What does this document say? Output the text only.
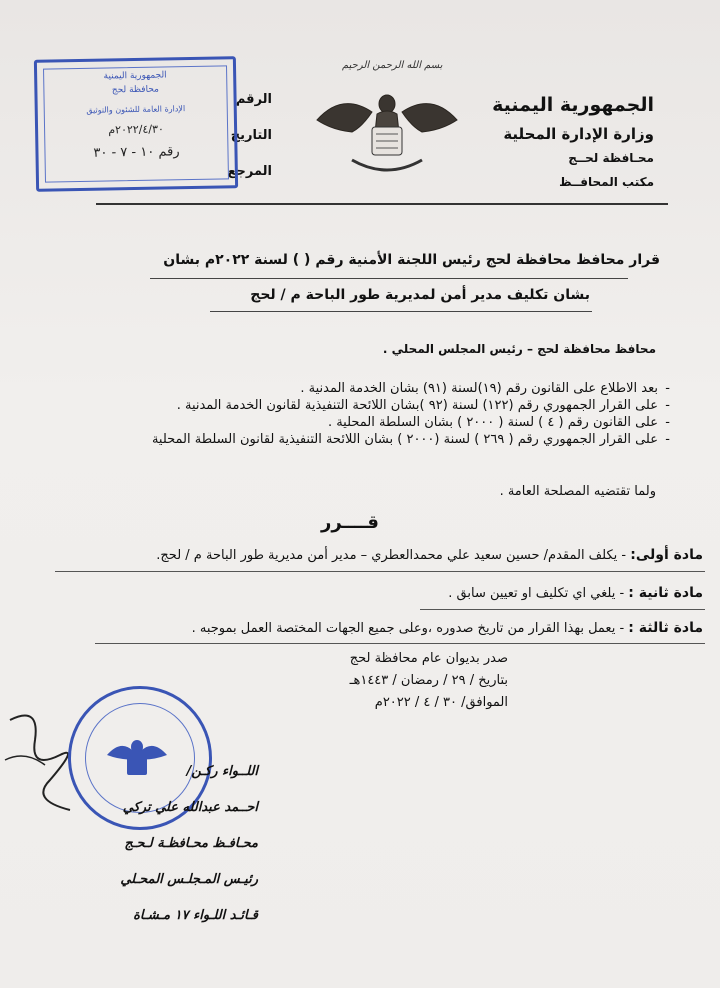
الجمهورية اليمنية
وزارة الإدارة المحلية
محـافظة لحــج
مكتب المحافــظ
الرقم
التاريخ
المرجع
الجمهورية اليمنية
محافظة لحج
الإدارة العامة للشئون والتوثيق
٢٠٢٢/٤/٣٠م
رقم ١٠ - ٧ - ٣٠
بسم الله الرحمن الرحيم
قرار محافظ محافظة لحج رئيس اللجنة الأمنية رقم ( ) لسنة ٢٠٢٢م بشان
بشان تكليف مدير أمن لمديرية طور الباحة م / لحج
محافظ محافظة لحج – رئيس المجلس المحلي .
- بعد الاطلاع على القانون رقم (١٩)لسنة (٩١) بشان الخدمة المدنية .
- على القرار الجمهوري رقم (١٢٢) لسنة (٩٢ )بشان اللائحة التنفيذية لقانون الخدمة المدنية .
- على القانون رقم ( ٤ ) لسنة ( ٢٠٠٠ ) بشان السلطة المحلية .
- على القرار الجمهوري رقم ( ٢٦٩ ) لسنة (٢٠٠٠ ) بشان اللائحة التنفيذية لقانون السلطة المحلية
ولما تقتضيه المصلحة العامة .
قــــرر
مادة أولى: - يكلف المقدم/ حسين سعيد علي محمدالعطري – مدير أمن مديرية طور الباحة م / لحج.
مادة ثانية : - يلغي اي تكليف او تعيين سابق .
مادة ثالثة : - يعمل بهذا القرار من تاريخ صدوره ،وعلى جميع الجهات المختصة العمل بموجبه .
صدر بديوان عام محافظة لحج
بتاريخ / ٢٩ / رمضان / ١٤٤٣هـ
الموافق/ ٣٠ / ٤ / ٢٠٢٢م
اللــواء ركـن/
احــمد عبدالله علي تركي
محـافـظ محـافظـة لـحـج
رئيـس المـجلـس المحـلي
قـائـد اللـواء ١٧ مـشـاة
